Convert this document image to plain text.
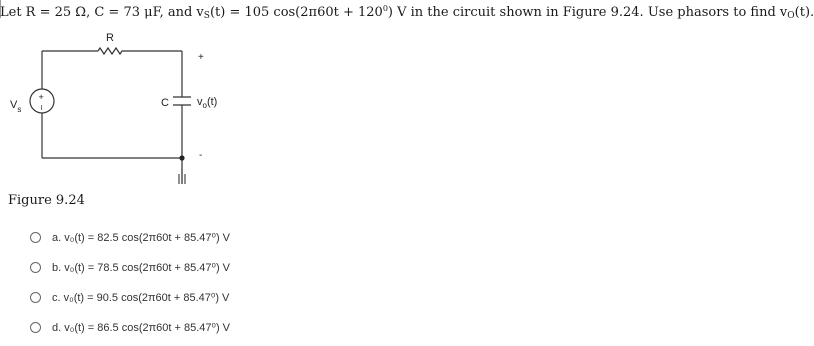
Let R = 25 Ω, C = 73 μF, and $v_S(t) = 105$ $\cos(2\pi 60t + 120^0)$ V in the circuit shown in Figure 9.24. Use phasors to find $v_O(t)$.
R
+
I
$V_s$
C
+
$v_o(t)$
-
Figure 9.24
a. v₀(t) = 82.5 cos(2π60t + 85.47⁰) V
b. v₀(t) = 78.5 cos(2π60t + 85.47⁰) V
c. v₀(t) = 90.5 cos(2π60t + 85.47⁰) V
d. v₀(t) = 86.5 cos(2π60t + 85.47⁰) V
